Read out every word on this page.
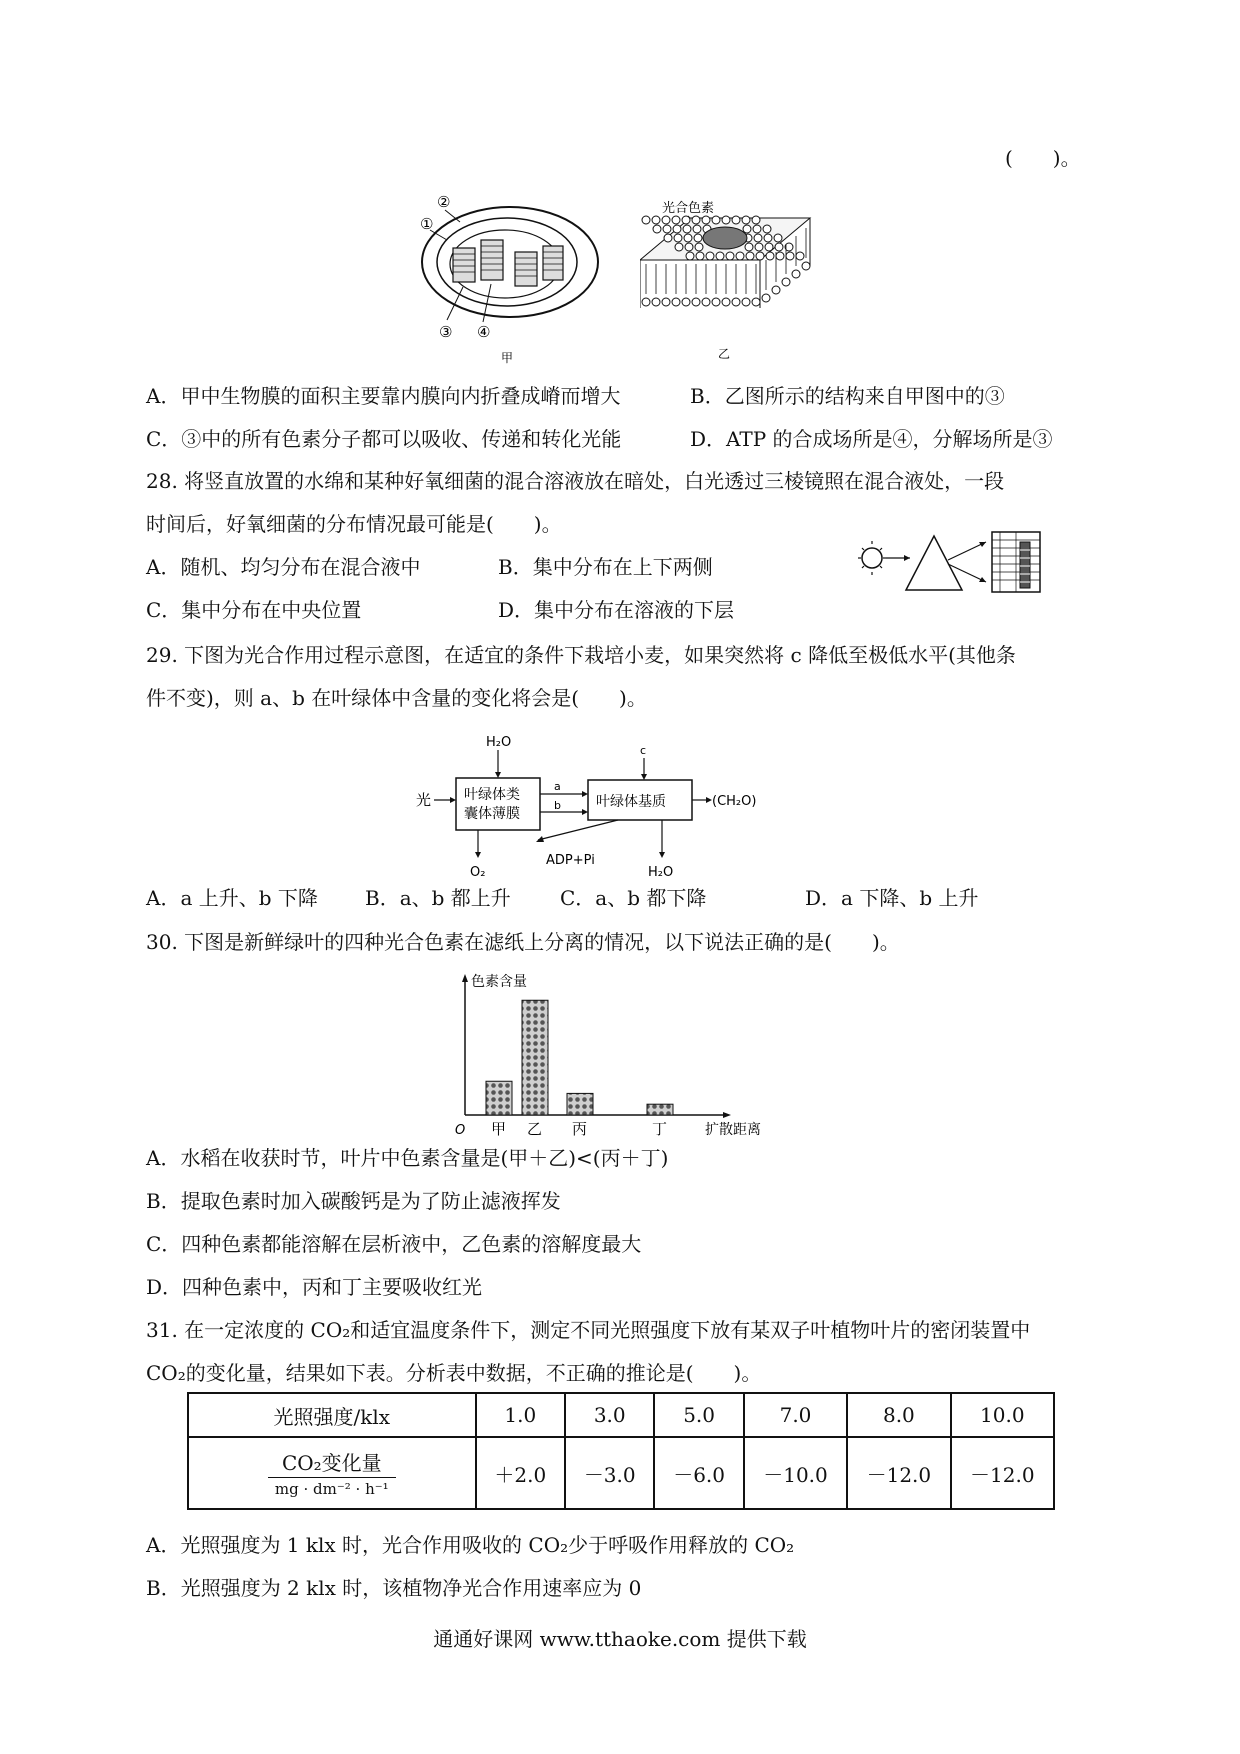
(　　)。
②
①
③ ④
甲
光合色素
乙
A．甲中生物膜的面积主要靠内膜向内折叠成嵴而增大	B．乙图所示的结构来自甲图中的③
C．③中的所有色素分子都可以吸收、传递和转化光能	D．ATP 的合成场所是④，分解场所是③
28. 将竖直放置的水绵和某种好氧细菌的混合溶液放在暗处，白光透过三棱镜照在混合液处，一段
时间后，好氧细菌的分布情况最可能是(　　)。
A．随机、均匀分布在混合液中	B．集中分布在上下两侧
C．集中分布在中央位置	D．集中分布在溶液的下层
29. 下图为光合作用过程示意图，在适宜的条件下栽培小麦，如果突然将 c 降低至极低水平(其他条
件不变)，则 a、b 在叶绿体中含量的变化将会是(　　)。
H₂O
光 叶绿体类
囊体薄膜
a
b
c
叶绿体基质	(CH₂O)
O₂
ADP+Pi
H₂O
A．a 上升、b 下降 B．a、b 都上升 C．a、b 都下降	D．a 下降、b 上升
30. 下图是新鲜绿叶的四种光合色素在滤纸上分离的情况，以下说法正确的是(　　)。
色素含量
O	扩散距离
甲 乙 丙	丁
A．水稻在收获时节，叶片中色素含量是(甲＋乙)<(丙＋丁)
B．提取色素时加入碳酸钙是为了防止滤液挥发
C．四种色素都能溶解在层析液中，乙色素的溶解度最大
D．四种色素中，丙和丁主要吸收红光
31. 在一定浓度的 CO₂和适宜温度条件下，测定不同光照强度下放有某双子叶植物叶片的密闭装置中
CO₂的变化量，结果如下表。分析表中数据，不正确的推论是(　　)。
光照强度/klx	1.0	3.0	5.0	7.0	8.0	10.0

$\frac{\text{CO₂变化量}}{\text{mg · dm⁻² · h⁻¹}}$	＋2.0	－3.0	－6.0	－10.0	－12.0	－12.0
A．光照强度为 1 klx 时，光合作用吸收的 CO₂少于呼吸作用释放的 CO₂
B．光照强度为 2 klx 时，该植物净光合作用速率应为 0
通通好课网 www.tthaoke.com 提供下载
